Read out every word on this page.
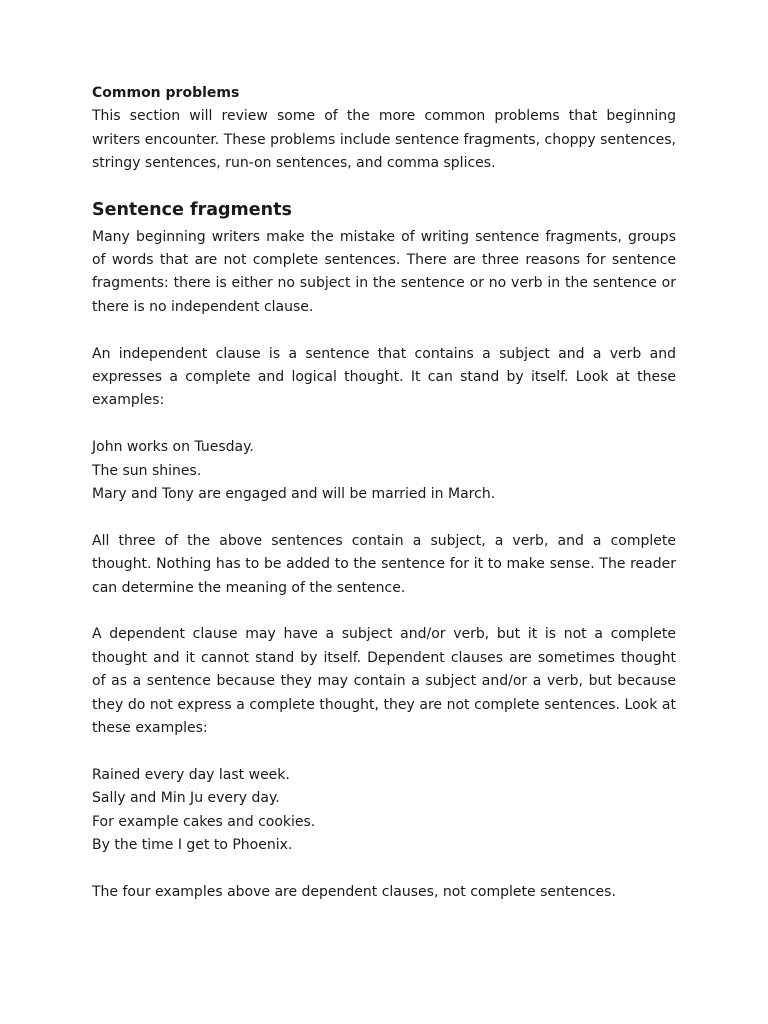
Common problems

This section will review some of the more common problems that beginning writers encounter. These problems include sentence fragments, choppy sentences, stringy sentences, run-on sentences, and comma splices.

Sentence fragments

Many beginning writers make the mistake of writing sentence fragments, groups of words that are not complete sentences. There are three reasons for sentence fragments: there is either no subject in the sentence or no verb in the sentence or there is no independent clause.

An independent clause is a sentence that contains a subject and a verb and expresses a complete and logical thought. It can stand by itself. Look at these examples:

John works on Tuesday.

The sun shines.

Mary and Tony are engaged and will be married in March.

All three of the above sentences contain a subject, a verb, and a complete thought. Nothing has to be added to the sentence for it to make sense. The reader can determine the meaning of the sentence.

A dependent clause may have a subject and/or verb, but it is not a complete thought and it cannot stand by itself. Dependent clauses are sometimes thought of as a sentence because they may contain a subject and/or a verb, but because they do not express a complete thought, they are not complete sentences. Look at these examples:

Rained every day last week.

Sally and Min Ju every day.

For example cakes and cookies.

By the time I get to Phoenix.

The four examples above are dependent clauses, not complete sentences.
